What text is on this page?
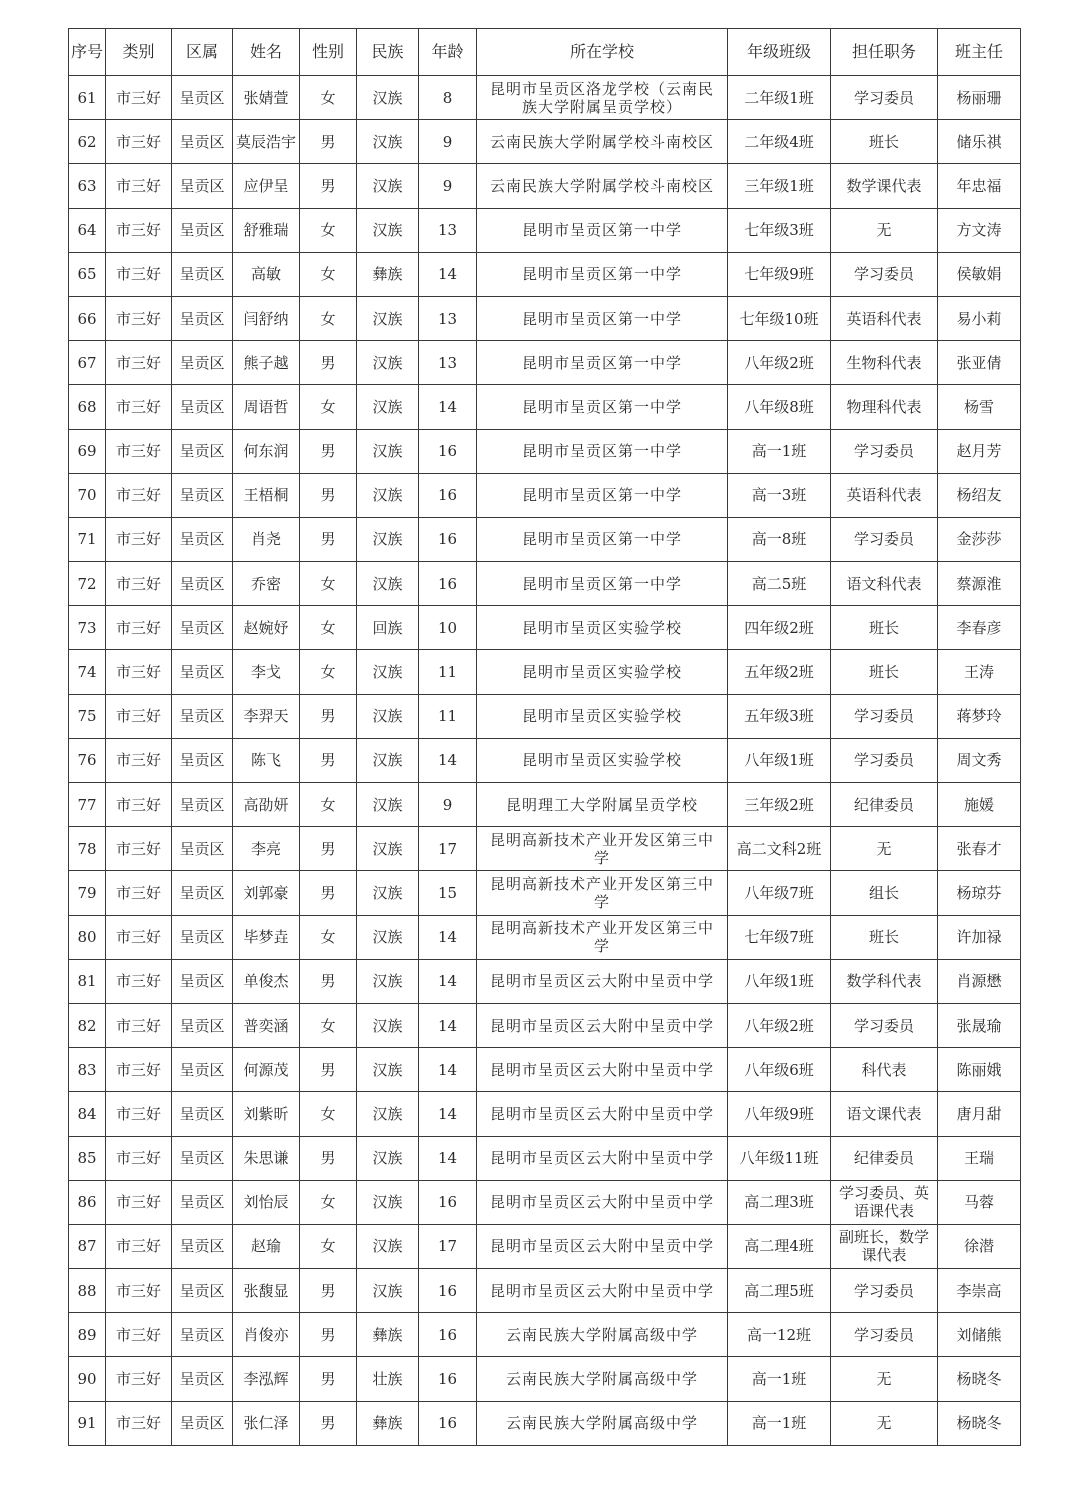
序号	类别	区属	姓名	性别	民族	年龄	所在学校	年级班级	担任职务	班主任
61	市三好	呈贡区	张婧萱	女	汉族	8	昆明市呈贡区洛龙学校（云南民族大学附属呈贡学校）	二年级1班	学习委员	杨丽珊
62	市三好	呈贡区	莫辰浩宇	男	汉族	9	云南民族大学附属学校斗南校区	二年级4班	班长	储乐祺
63	市三好	呈贡区	应伊呈	男	汉族	9	云南民族大学附属学校斗南校区	三年级1班	数学课代表	年忠福
64	市三好	呈贡区	舒雅瑞	女	汉族	13	昆明市呈贡区第一中学	七年级3班	无	方文涛
65	市三好	呈贡区	高敏	女	彝族	14	昆明市呈贡区第一中学	七年级9班	学习委员	侯敏娟
66	市三好	呈贡区	闫舒纳	女	汉族	13	昆明市呈贡区第一中学	七年级10班	英语科代表	易小莉
67	市三好	呈贡区	熊子越	男	汉族	13	昆明市呈贡区第一中学	八年级2班	生物科代表	张亚倩
68	市三好	呈贡区	周语哲	女	汉族	14	昆明市呈贡区第一中学	八年级8班	物理科代表	杨雪
69	市三好	呈贡区	何东润	男	汉族	16	昆明市呈贡区第一中学	高一1班	学习委员	赵月芳
70	市三好	呈贡区	王梧桐	男	汉族	16	昆明市呈贡区第一中学	高一3班	英语科代表	杨绍友
71	市三好	呈贡区	肖尧	男	汉族	16	昆明市呈贡区第一中学	高一8班	学习委员	金莎莎
72	市三好	呈贡区	乔密	女	汉族	16	昆明市呈贡区第一中学	高二5班	语文科代表	蔡源淮
73	市三好	呈贡区	赵婉妤	女	回族	10	昆明市呈贡区实验学校	四年级2班	班长	李春彦
74	市三好	呈贡区	李戈	女	汉族	11	昆明市呈贡区实验学校	五年级2班	班长	王涛
75	市三好	呈贡区	李羿天	男	汉族	11	昆明市呈贡区实验学校	五年级3班	学习委员	蒋梦玲
76	市三好	呈贡区	陈飞	男	汉族	14	昆明市呈贡区实验学校	八年级1班	学习委员	周文秀
77	市三好	呈贡区	高劭妍	女	汉族	9	昆明理工大学附属呈贡学校	三年级2班	纪律委员	施媛
78	市三好	呈贡区	李亮	男	汉族	17	昆明高新技术产业开发区第三中学	高二文科2班	无	张春才
79	市三好	呈贡区	刘郭豪	男	汉族	15	昆明高新技术产业开发区第三中学	八年级7班	组长	杨琼芬
80	市三好	呈贡区	毕梦垚	女	汉族	14	昆明高新技术产业开发区第三中学	七年级7班	班长	许加禄
81	市三好	呈贡区	单俊杰	男	汉族	14	昆明市呈贡区云大附中呈贡中学	八年级1班	数学科代表	肖源懋
82	市三好	呈贡区	普奕涵	女	汉族	14	昆明市呈贡区云大附中呈贡中学	八年级2班	学习委员	张晟瑜
83	市三好	呈贡区	何源茂	男	汉族	14	昆明市呈贡区云大附中呈贡中学	八年级6班	科代表	陈丽娥
84	市三好	呈贡区	刘紫昕	女	汉族	14	昆明市呈贡区云大附中呈贡中学	八年级9班	语文课代表	唐月甜
85	市三好	呈贡区	朱思谦	男	汉族	14	昆明市呈贡区云大附中呈贡中学	八年级11班	纪律委员	王瑞
86	市三好	呈贡区	刘怡辰	女	汉族	16	昆明市呈贡区云大附中呈贡中学	高二理3班	学习委员、英语课代表	马蓉
87	市三好	呈贡区	赵瑜	女	汉族	17	昆明市呈贡区云大附中呈贡中学	高二理4班	副班长，数学课代表	徐潜
88	市三好	呈贡区	张馥显	男	汉族	16	昆明市呈贡区云大附中呈贡中学	高二理5班	学习委员	李崇高
89	市三好	呈贡区	肖俊亦	男	彝族	16	云南民族大学附属高级中学	高一12班	学习委员	刘储熊
90	市三好	呈贡区	李泓辉	男	壮族	16	云南民族大学附属高级中学	高一1班	无	杨晓冬
91	市三好	呈贡区	张仁泽	男	彝族	16	云南民族大学附属高级中学	高一1班	无	杨晓冬
